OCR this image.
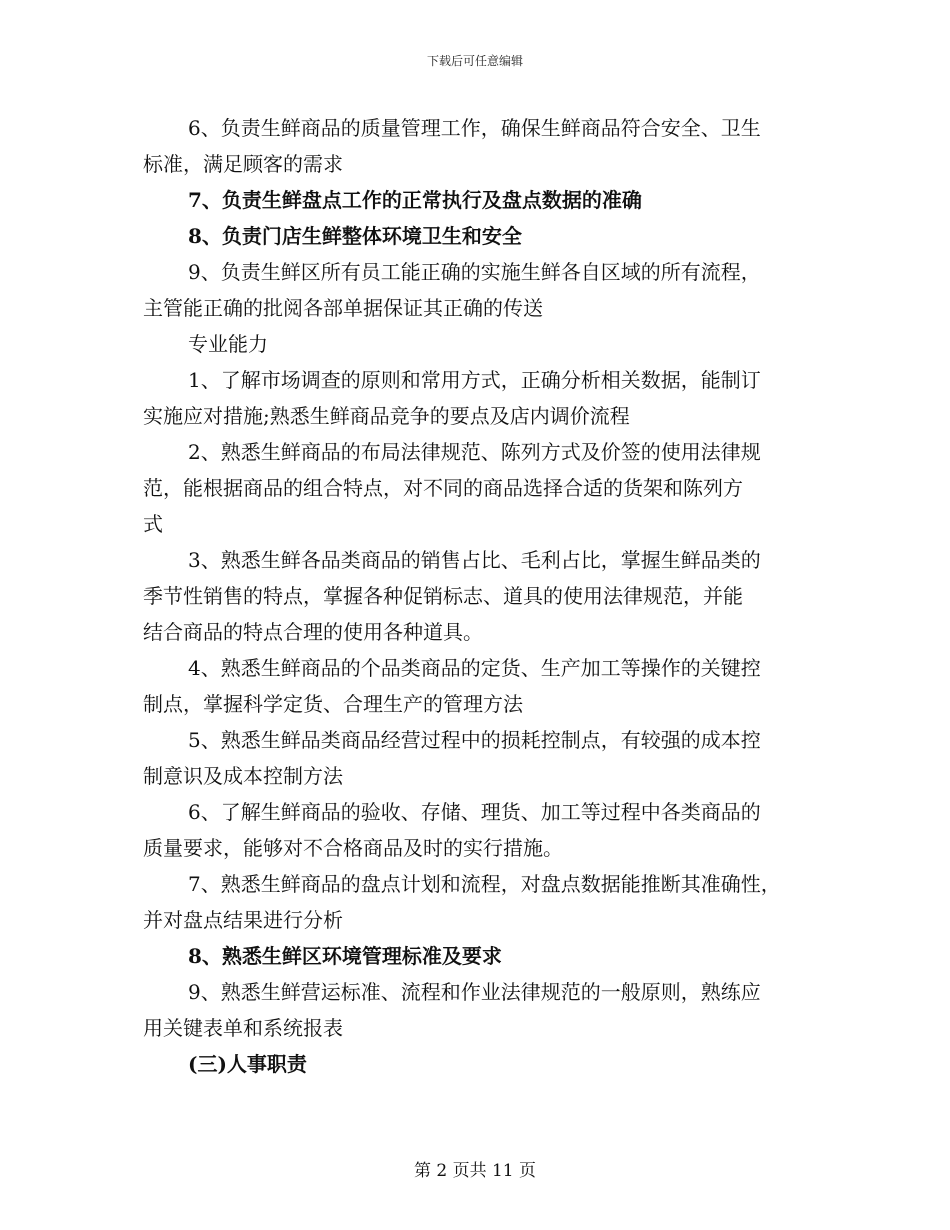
下载后可任意编辑

6、负责生鲜商品的质量管理工作，确保生鲜商品符合安全、卫生
标准，满足顾客的需求

7、负责生鲜盘点工作的正常执行及盘点数据的准确

8、负责门店生鲜整体环境卫生和安全

9、负责生鲜区所有员工能正确的实施生鲜各自区域的所有流程，
主管能正确的批阅各部单据保证其正确的传送

专业能力

1、了解市场调查的原则和常用方式，正确分析相关数据，能制订
实施应对措施;熟悉生鲜商品竞争的要点及店内调价流程

2、熟悉生鲜商品的布局法律规范、陈列方式及价签的使用法律规
范，能根据商品的组合特点，对不同的商品选择合适的货架和陈列方
式

3、熟悉生鲜各品类商品的销售占比、毛利占比，掌握生鲜品类的
季节性销售的特点，掌握各种促销标志、道具的使用法律规范，并能
结合商品的特点合理的使用各种道具。

4、熟悉生鲜商品的个品类商品的定货、生产加工等操作的关键控
制点，掌握科学定货、合理生产的管理方法

5、熟悉生鲜品类商品经营过程中的损耗控制点，有较强的成本控
制意识及成本控制方法

6、了解生鲜商品的验收、存储、理货、加工等过程中各类商品的
质量要求，能够对不合格商品及时的实行措施。

7、熟悉生鲜商品的盘点计划和流程，对盘点数据能推断其准确性，
并对盘点结果进行分析

8、熟悉生鲜区环境管理标准及要求

9、熟悉生鲜营运标准、流程和作业法律规范的一般原则，熟练应
用关键表单和系统报表

(三)人事职责

第 2 页共 11 页
